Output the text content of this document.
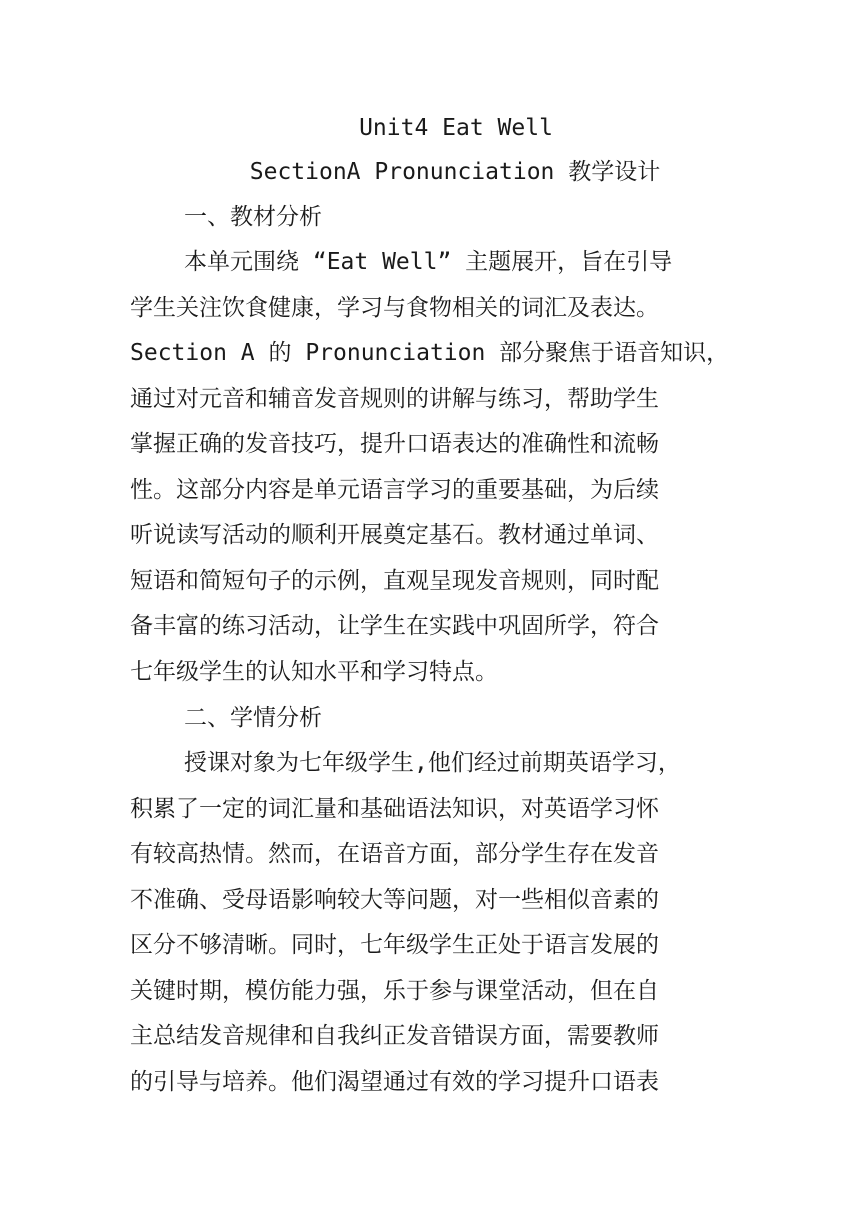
Unit4 Eat Well
SectionA Pronunciation 教学设计
一、教材分析
本单元围绕 “Eat Well” 主题展开，旨在引导
学生关注饮食健康，学习与食物相关的词汇及表达。
Section A 的 Pronunciation 部分聚焦于语音知识，
通过对元音和辅音发音规则的讲解与练习，帮助学生
掌握正确的发音技巧，提升口语表达的准确性和流畅
性。这部分内容是单元语言学习的重要基础，为后续
听说读写活动的顺利开展奠定基石。教材通过单词、
短语和简短句子的示例，直观呈现发音规则，同时配
备丰富的练习活动，让学生在实践中巩固所学，符合
七年级学生的认知水平和学习特点。
二、学情分析
授课对象为七年级学生,他们经过前期英语学习，
积累了一定的词汇量和基础语法知识，对英语学习怀
有较高热情。然而，在语音方面，部分学生存在发音
不准确、受母语影响较大等问题，对一些相似音素的
区分不够清晰。同时，七年级学生正处于语言发展的
关键时期，模仿能力强，乐于参与课堂活动，但在自
主总结发音规律和自我纠正发音错误方面，需要教师
的引导与培养。他们渴望通过有效的学习提升口语表
